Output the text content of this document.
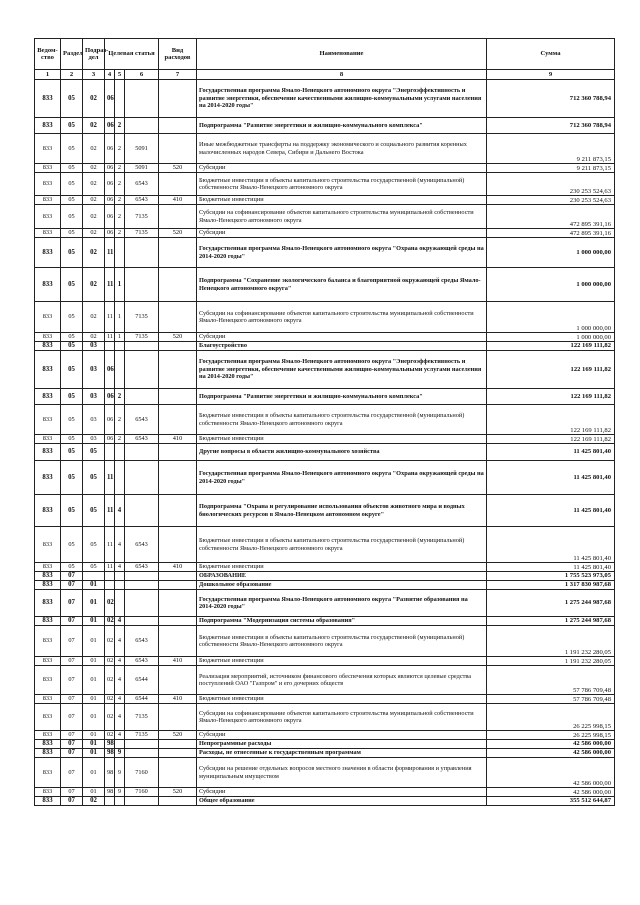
Ведом-ство	Раздел	Подраз-дел	Целевая статья			Вид расходов	Наименование	Сумма
1	2	3	4	5	6	7	8	9
833	05	02	06				Государственная программа Ямало-Ненецкого автономного округа "Энергоэффективность и развитие энергетики, обеспечение качественными жилищно-коммунальными услугами населения на 2014-2020 годы"	712 360 788,94
833	05	02	06	2			Подпрограмма "Развитие энергетики и жилищно-коммунального комплекса"	712 360 788,94
833	05	02	06	2	5091		Иные межбюджетные трансферты на поддержку экономического и социального развития коренных малочисленных народов Севера, Сибири и Дальнего Востока	9 211 873,15
833	05	02	06	2	5091	520	Субсидии	9 211 873,15
833	05	02	06	2	6543		Бюджетные инвестиции в объекты капитального строительства государственной (муниципальной) собственности Ямало-Ненецкого автономного округа	230 253 524,63
833	05	02	06	2	6543	410	Бюджетные инвестиции	230 253 524,63
833	05	02	06	2	7135		Субсидии на софинансирование объектов капитального строительства муниципальной собственности Ямало-Ненецкого автономного округа	472 895 391,16
833	05	02	06	2	7135	520	Субсидии	472 895 391,16
833	05	02	11				Государственная программа Ямало-Ненецкого автономного округа "Охрана окружающей среды на 2014-2020 годы"	1 000 000,00
833	05	02	11	1			Подпрограмма "Сохранение экологического баланса и благоприятной окружающей среды Ямало-Ненецкого автономного округа"	1 000 000,00
833	05	02	11	1	7135		Субсидии на софинансирование объектов капитального строительства муниципальной собственности Ямало-Ненецкого автономного округа	1 000 000,00
833	05	02	11	1	7135	520	Субсидии	1 000 000,00
833	05	03					Благоустройство	122 169 111,82
833	05	03	06				Государственная программа Ямало-Ненецкого автономного округа "Энергоэффективность и развитие энергетики, обеспечение качественными жилищно-коммунальными услугами населения на 2014-2020 годы"	122 169 111,82
833	05	03	06	2			Подпрограмма "Развитие энергетики и жилищно-коммунального комплекса"	122 169 111,82
833	05	03	06	2	6543		Бюджетные инвестиции в объекты капитального строительства государственной (муниципальной) собственности Ямало-Ненецкого автономного округа	122 169 111,82
833	05	03	06	2	6543	410	Бюджетные инвестиции	122 169 111,82
833	05	05					Другие вопросы в области жилищно-коммунального хозяйства	11 425 801,40
833	05	05	11				Государственная программа Ямало-Ненецкого автономного округа "Охрана окружающей среды на 2014-2020 годы"	11 425 801,40
833	05	05	11	4			Подпрограмма "Охрана и регулирование использования объектов животного мира и водных биологических ресурсов в Ямало-Ненецком автономном округе"	11 425 801,40
833	05	05	11	4	6543		Бюджетные инвестиции в объекты капитального строительства государственной (муниципальной) собственности Ямало-Ненецкого автономного округа	11 425 801,40
833	05	05	11	4	6543	410	Бюджетные инвестиции	11 425 801,40
833	07						ОБРАЗОВАНИЕ	1 755 523 973,05
833	07	01					Дошкольное образование	1 317 830 987,68
833	07	01	02				Государственная программа Ямало-Ненецкого автономного округа "Развитие образования на 2014-2020 годы"	1 275 244 987,68
833	07	01	02	4			Подпрограмма "Модернизация системы образования"	1 275 244 987,68
833	07	01	02	4	6543		Бюджетные инвестиции в объекты капитального строительства государственной (муниципальной) собственности Ямало-Ненецкого автономного округа	1 191 232 280,05
833	07	01	02	4	6543	410	Бюджетные инвестиции	1 191 232 280,05
833	07	01	02	4	6544		Реализация мероприятий, источником финансового обеспечения которых являются целевые средства поступлений ОАО "Газпром" и его дочерних обществ	57 786 709,48
833	07	01	02	4	6544	410	Бюджетные инвестиции	57 786 709,48
833	07	01	02	4	7135		Субсидии на софинансирование объектов капитального строительства муниципальной собственности Ямало-Ненецкого автономного округа	26 225 998,15
833	07	01	02	4	7135	520	Субсидии	26 225 998,15
833	07	01	98				Непрограммные расходы	42 586 000,00
833	07	01	98	9			Расходы, не отнесенные к государственным программам	42 586 000,00
833	07	01	98	9	7160		Субсидии на решение отдельных вопросов местного значения в области формирования и управления муниципальным имуществом	42 586 000,00
833	07	01	98	9	7160	520	Субсидии	42 586 000,00
833	07	02					Общее образование	355 512 644,87
